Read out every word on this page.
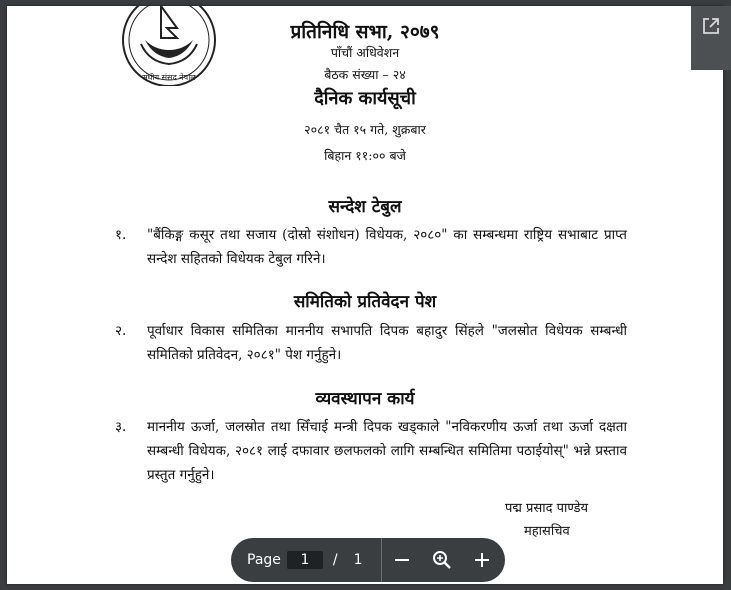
संघीय संसद नेपाल
प्रतिनिधि सभा, २०७९
पाँचौं अधिवेशन
बैठक संख्या – २४
दैनिक कार्यसूची
२०८१ चैत १५ गते, शुक्रबार
बिहान ११:०० बजे
सन्देश टेबुल
१. "बैंकिङ्ग कसूर तथा सजाय (दोस्रो संशोधन) विधेयक, २०८०" का सम्बन्धमा राष्ट्रिय सभाबाट प्राप्त सन्देश सहितको विधेयक टेबुल गरिने।
समितिको प्रतिवेदन पेश
२. पूर्वाधार विकास समितिका माननीय सभापति दिपक बहादुर सिंहले "जलस्रोत विधेयक सम्बन्धी समितिको प्रतिवेदन, २०८१" पेश गर्नुहुने।
व्यवस्थापन कार्य
३. माननीय ऊर्जा, जलस्रोत तथा सिँचाई मन्त्री दिपक खड्काले "नविकरणीय ऊर्जा तथा ऊर्जा दक्षता सम्बन्धी विधेयक, २०८१ लाई दफावार छलफलको लागि सम्बन्धित समितिमा पठाईयोस्" भन्ने प्रस्ताव प्रस्तुत गर्नुहुने।
पद्म प्रसाद पाण्डेय
महासचिव
Page	1	/ 1
